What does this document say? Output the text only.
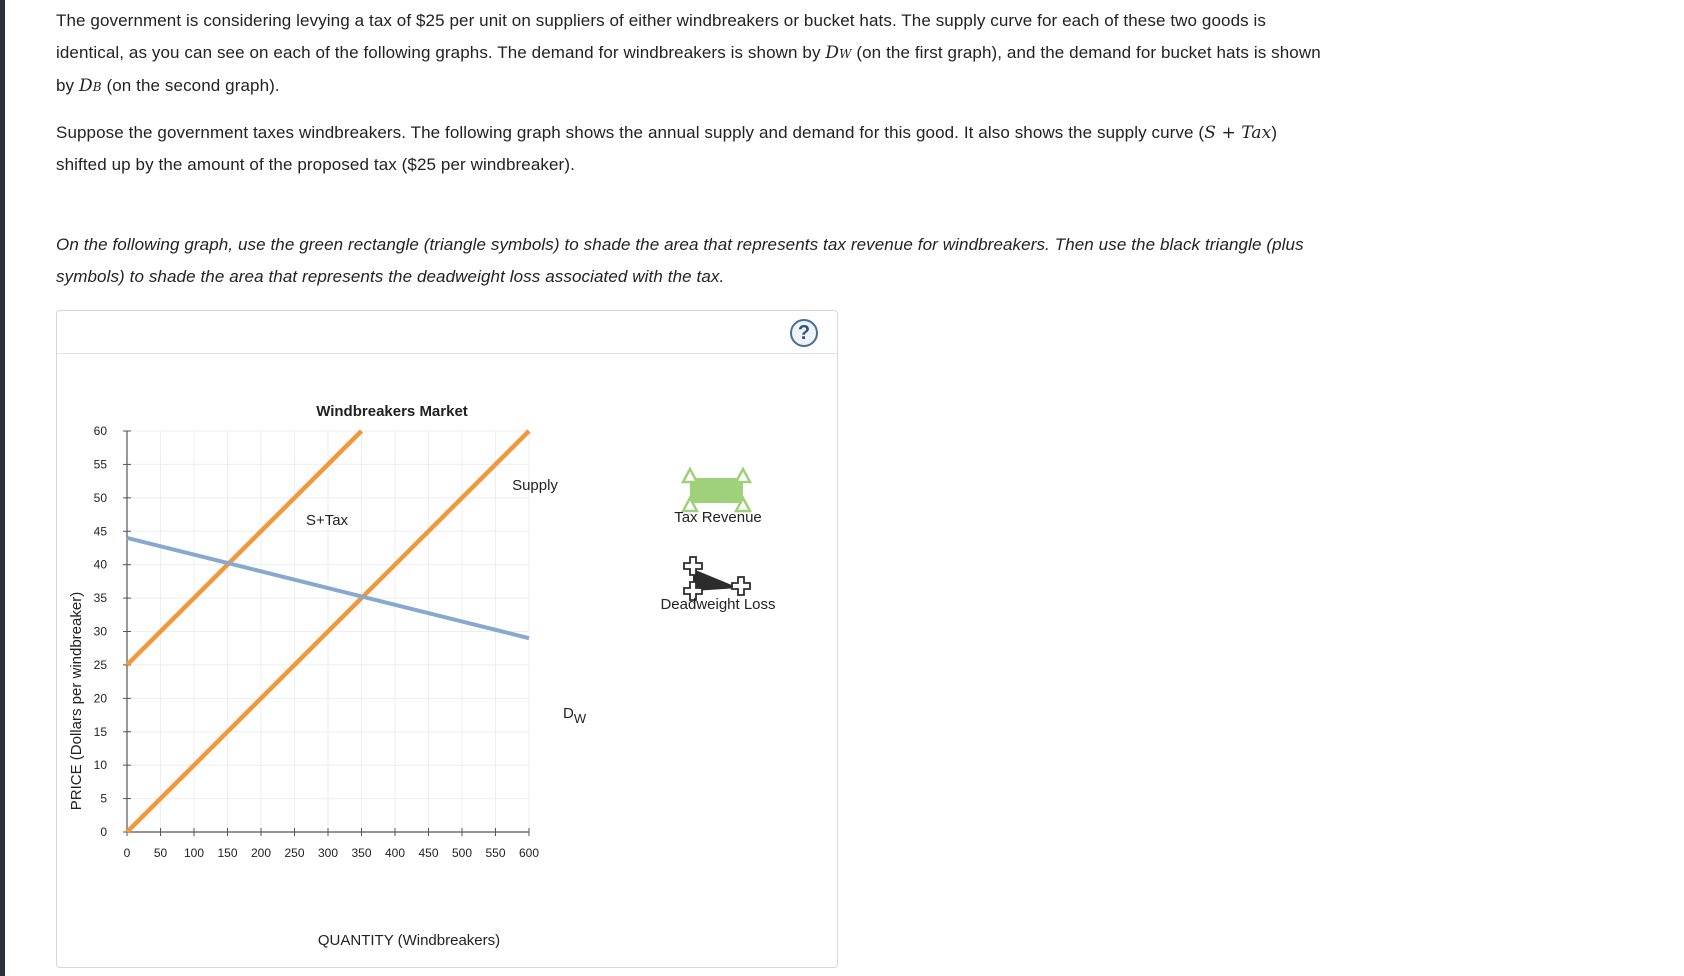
The government is considering levying a tax of $25 per unit on suppliers of either windbreakers or bucket hats. The supply curve for each of these two goods is identical, as you can see on each of the following graphs. The demand for windbreakers is shown by DW (on the first graph), and the demand for bucket hats is shown by DB (on the second graph).

Suppose the government taxes windbreakers. The following graph shows the annual supply and demand for this good. It also shows the supply curve (S + Tax) shifted up by the amount of the proposed tax ($25 per windbreaker).

On the following graph, use the green rectangle (triangle symbols) to shade the area that represents tax revenue for windbreakers. Then use the black triangle (plus symbols) to shade the area that represents the deadweight loss associated with the tax.

?
Windbreakers Market
0
5
10
15
20
25
30
35
40
45
50
55
60
0 50 100 150 200 250 300 350 400 450 500 550 600
Supply
S+Tax
DW
QUANTITY (Windbreakers)
PRICE (Dollars per windbreaker)
Tax Revenue
Deadweight Loss
